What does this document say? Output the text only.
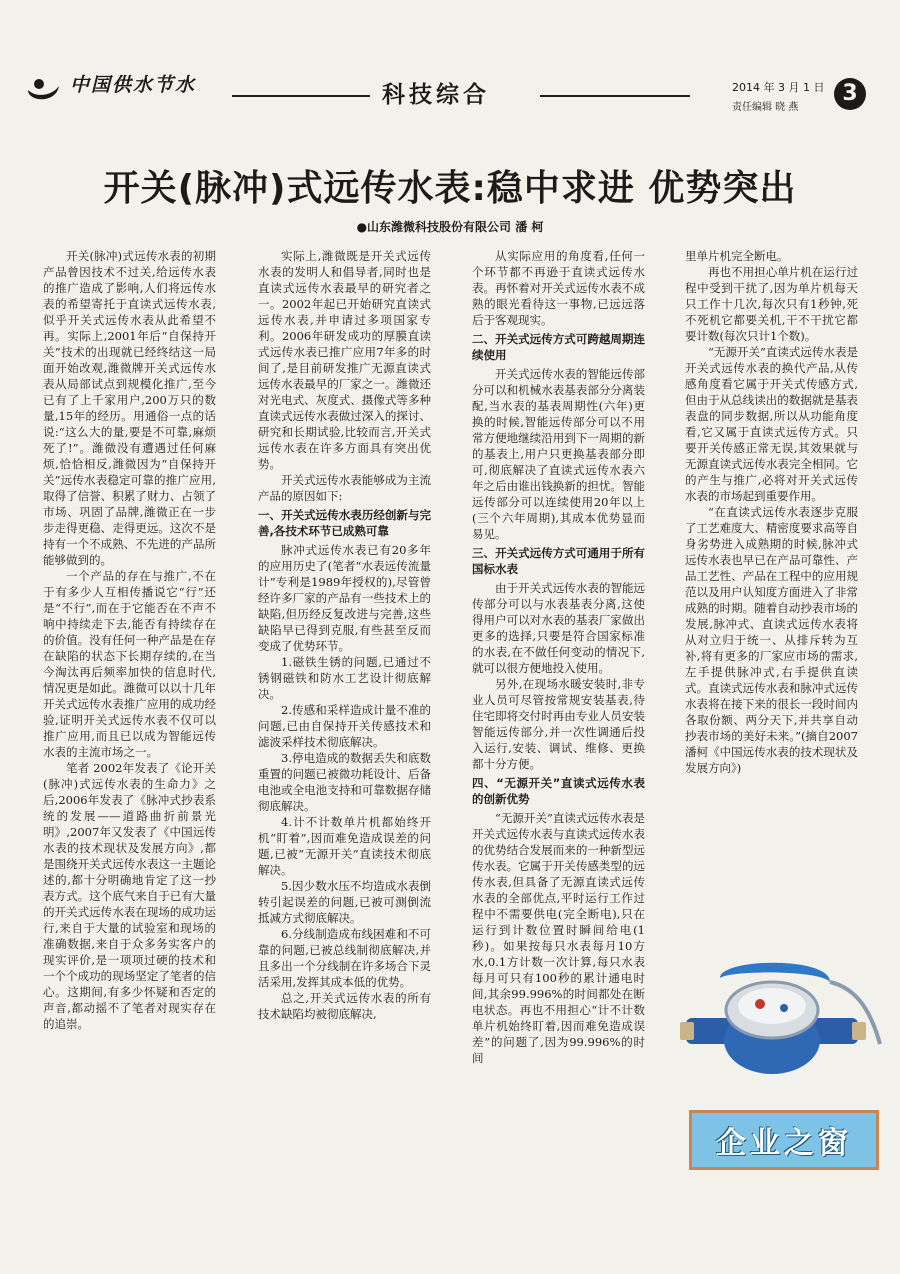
中国供水节水	科技综合	2014 年 3 月 1 日
责任编辑 晓 燕
3
开关(脉冲)式远传水表:稳中求进 优势突出
●山东潍微科技股份有限公司 潘 柯

开关(脉冲)式远传水表的初期产品曾因技术不过关,给远传水表的推广造成了影响,人们将远传水表的希望寄托于直读式远传水表,似乎开关式远传水表从此希望不再。实际上,2001年后“自保持开关”技术的出现就已经终结这一局面开始改观,潍微牌开关式远传水表从局部试点到规模化推广,至今已有了上千家用户,200万只的数量,15年的经历。用通俗一点的话说:“这么大的量,要是不可靠,麻烦死了!”。潍微没有遭遇过任何麻烦,恰恰相反,潍微因为“自保持开关”远传水表稳定可靠的推广应用,取得了信誉、积累了财力、占领了市场、巩固了品牌,潍微正在一步步走得更稳、走得更远。这次不是持有一个不成熟、不先进的产品所能够做到的。

一个产品的存在与推广,不在于有多少人互相传播说它“行”还是“不行”,而在于它能否在不声不响中持续走下去,能否有持续存在的价值。没有任何一种产品是在存在缺陷的状态下长期存续的,在当今淘汰再后频率加快的信息时代,情况更是如此。潍微可以以十几年开关式远传水表推广应用的成功经验,证明开关式远传水表不仅可以推广应用,而且已以成为智能远传水表的主流市场之一。

笔者 2002年发表了《论开关(脉冲)式远传水表的生命力》之后,2006年发表了《脉冲式抄表系统的发展——道路曲折前景光明》,2007年又发表了《中国远传水表的技术现状及发展方向》,都是围绕开关式远传水表这一主题论述的,都十分明确地肯定了这一抄表方式。这个底气来自于已有大量的开关式远传水表在现场的成功运行,来自于大量的试验室和现场的准确数据,来自于众多务实客户的现实评价,是一项项过硬的技术和一个个成功的现场坚定了笔者的信心。这期间,有多少怀疑和否定的声音,都动摇不了笔者对现实存在的追崇。

实际上,潍微既是开关式远传水表的发明人和倡导者,同时也是直读式远传水表最早的研究者之一。2002年起已开始研究直读式远传水表,并申请过多项国家专利。2006年研发成功的厚膜直读式远传水表已推广应用7年多的时间了,是目前研发推广无源直读式远传水表最早的厂家之一。潍微还对光电式、灰度式、摄像式等多种直读式远传水表做过深入的探讨、研究和长期试验,比较而言,开关式远传水表在许多方面具有突出优势。

开关式远传水表能够成为主流产品的原因如下:

一、开关式远传水表历经创新与完善,各技术环节已成熟可靠

脉冲式远传水表已有20多年的应用历史了(笔者“水表远传流量计”专利是1989年授权的),尽管曾经许多厂家的产品有一些技术上的缺陷,但历经反复改进与完善,这些缺陷早已得到克服,有些甚至反而变成了优势环节。

1.磁铁生锈的问题,已通过不锈钢磁铁和防水工艺设计彻底解决。

2.传感和采样造成计量不准的问题,已由自保持开关传感技术和滤波采样技术彻底解决。

3.停电造成的数据丢失和底数重置的问题已被微功耗设计、后备电池或全电池支持和可靠数据存储彻底解决。

4.计不计数单片机都始终开机“盯着”,因而难免造成误差的问题,已被“无源开关”直读技术彻底解决。

5.因少数水压不均造成水表倒转引起误差的问题,已被可测倒流抵减方式彻底解决。

6.分线制造成布线困难和不可靠的问题,已被总线制彻底解决,并且多出一个分线制在许多场合下灵活采用,发挥其成本低的优势。

总之,开关式远传水表的所有技术缺陷均被彻底解决,

从实际应用的角度看,任何一个环节都不再逊于直读式远传水表。再怀着对开关式远传水表不成熟的眼光看待这一事物,已远远落后于客观现实。

二、开关式远传方式可跨越周期连续使用

开关式远传水表的智能远传部分可以和机械水表基表部分分离装配,当水表的基表周期性(六年)更换的时候,智能远传部分可以不用常方便地继续沿用到下一周期的新的基表上,用户只更换基表部分即可,彻底解决了直读式远传水表六年之后由谁出钱换新的担忧。智能远传部分可以连续使用20年以上(三个六年周期),其成本优势显而易见。

三、开关式远传方式可通用于所有国标水表

由于开关式远传水表的智能远传部分可以与水表基表分离,这使得用户可以对水表的基表厂家做出更多的选择,只要是符合国家标准的水表,在不做任何变动的情况下,就可以很方便地投入使用。

另外,在现场水暖安装时,非专业人员可尽管按常规安装基表,待住宅即将交付时再由专业人员安装智能远传部分,并一次性调通后投入运行,安装、调试、维修、更换都十分方便。

四、“无源开关”直读式远传水表的创新优势

“无源开关”直读式远传水表是开关式远传水表与直读式远传水表的优势结合发展而来的一种新型远传水表。它属于开关传感类型的远传水表,但具备了无源直读式远传水表的全部优点,平时运行工作过程中不需要供电(完全断电),只在运行到计数位置时瞬间给电(1秒)。如果按每只水表每月10方水,0.1方计数一次计算,每只水表每月可只有100秒的累计通电时间,其余99.996%的时间都处在断电状态。再也不用担心“计不计数单片机始终盯着,因而难免造成误差”的问题了,因为99.996%的时间

里单片机完全断电。

再也不用担心单片机在运行过程中受到干扰了,因为单片机每天只工作十几次,每次只有1秒钟,死不死机它都要关机,干不干扰它都要计数(每次只计1个数)。

“无源开关”直读式远传水表是开关式远传水表的换代产品,从传感角度看它属于开关式传感方式,但由于从总线读出的数据就是基表表盘的同步数据,所以从功能角度看,它又属于直读式远传方式。只要开关传感正常无误,其效果就与无源直读式远传水表完全相同。它的产生与推广,必将对开关式远传水表的市场起到重要作用。

“在直读式远传水表逐步克服了工艺难度大、精密度要求高等自身劣势进入成熟期的时候,脉冲式远传水表也早已在产品可靠性、产品工艺性、产品在工程中的应用规范以及用户认知度方面进入了非常成熟的时期。随着自动抄表市场的发展,脉冲式、直读式远传水表将从对立归于统一、从排斥转为互补,将有更多的厂家应市场的需求,左手提供脉冲式,右手提供直读式。直读式远传水表和脉冲式远传水表将在接下来的很长一段时间内各取份额、两分天下,并共享自动抄表市场的美好未来。”(摘自2007潘柯《中国远传水表的技术现状及发展方向》)

企业之窗
